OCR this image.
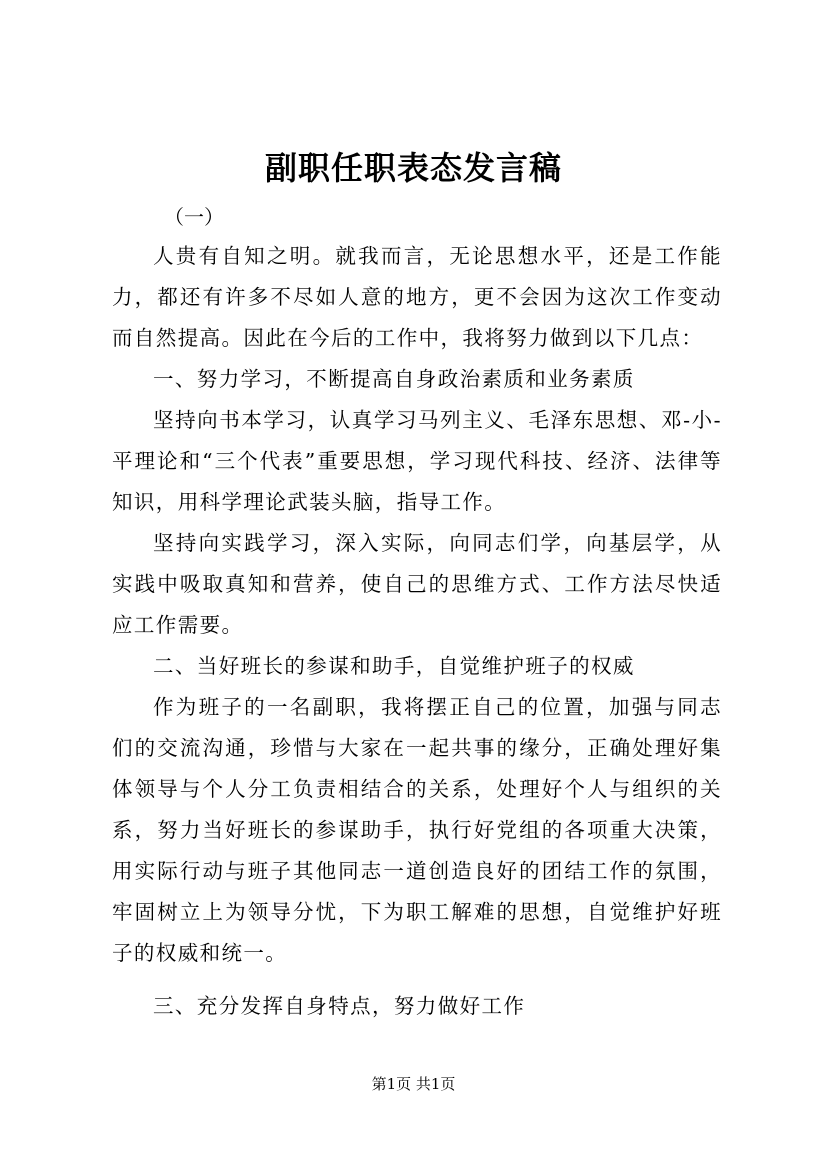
副职任职表态发言稿

（一）

人贵有自知之明。就我而言，无论思想水平，还是工作能力，都还有许多不尽如人意的地方，更不会因为这次工作变动而自然提高。因此在今后的工作中，我将努力做到以下几点：

一、努力学习，不断提高自身政治素质和业务素质

坚持向书本学习，认真学习马列主义、毛泽东思想、邓-小-平理论和“三个代表”重要思想，学习现代科技、经济、法律等知识，用科学理论武装头脑，指导工作。

坚持向实践学习，深入实际，向同志们学，向基层学，从实践中吸取真知和营养，使自己的思维方式、工作方法尽快适应工作需要。

二、当好班长的参谋和助手，自觉维护班子的权威

作为班子的一名副职，我将摆正自己的位置，加强与同志们的交流沟通，珍惜与大家在一起共事的缘分，正确处理好集体领导与个人分工负责相结合的关系，处理好个人与组织的关系，努力当好班长的参谋助手，执行好党组的各项重大决策，用实际行动与班子其他同志一道创造良好的团结工作的氛围，牢固树立上为领导分忧，下为职工解难的思想，自觉维护好班子的权威和统一。

三、充分发挥自身特点，努力做好工作

第1页 共1页
